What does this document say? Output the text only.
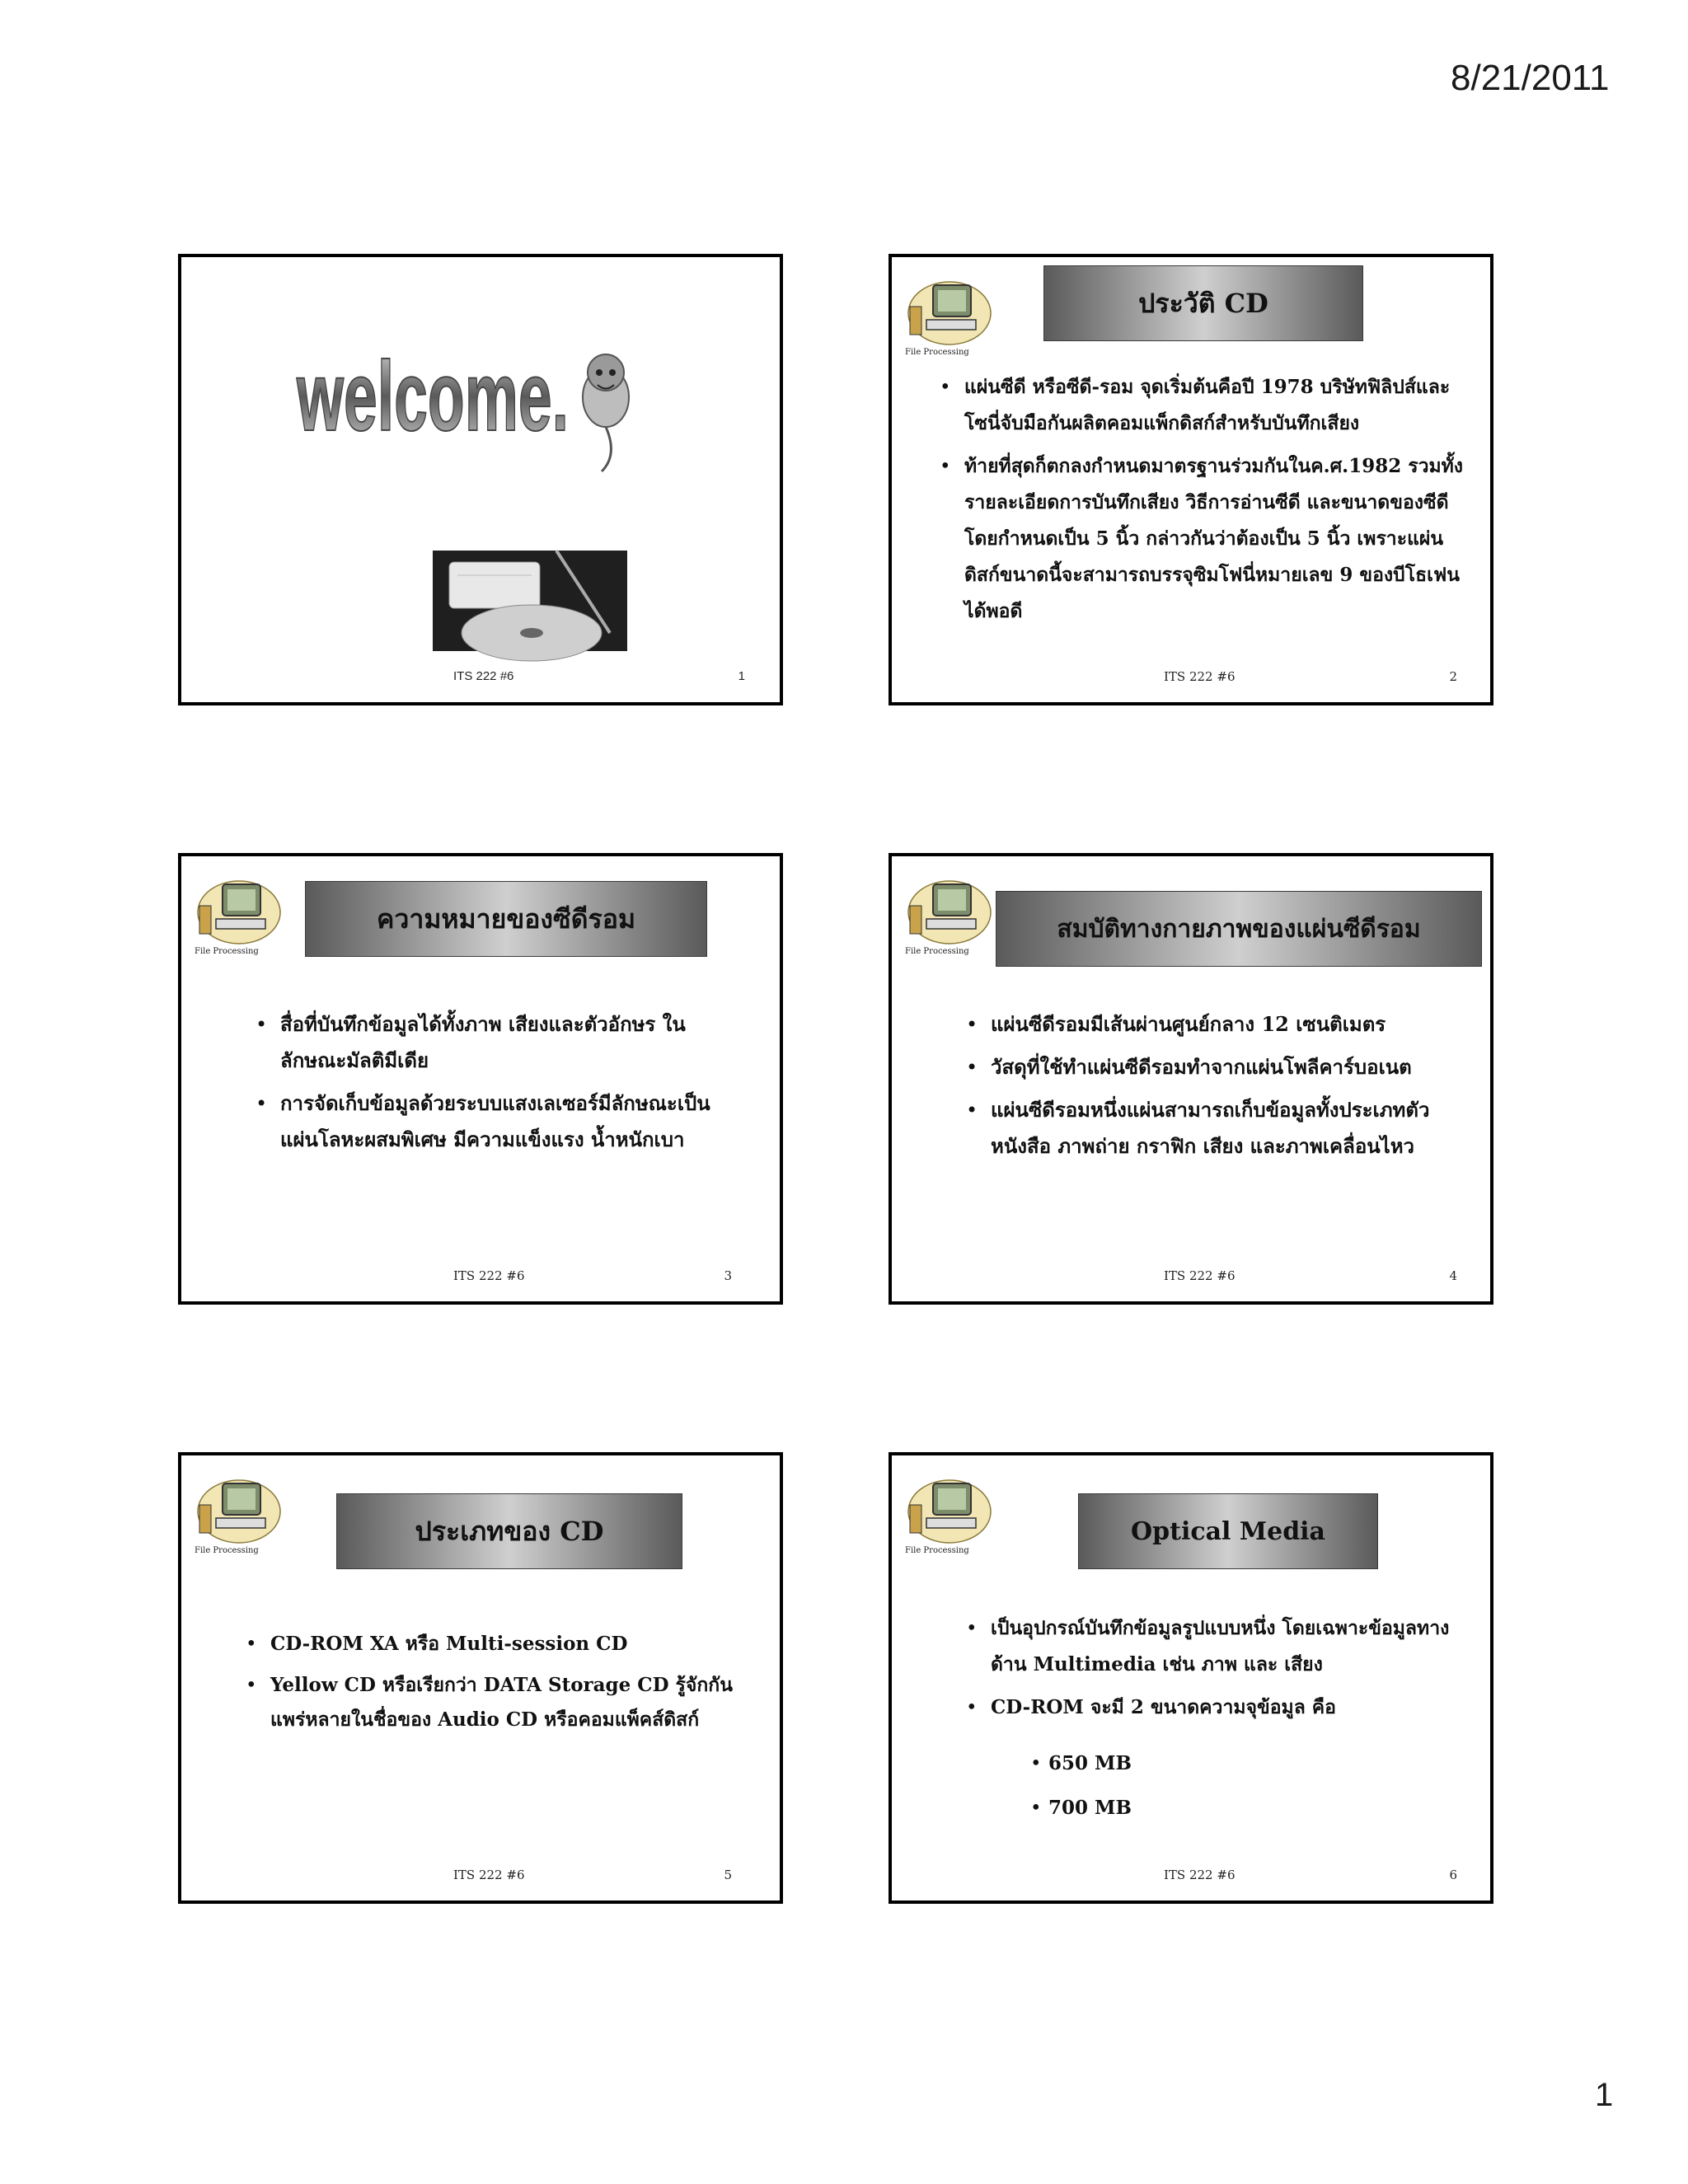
8/21/2011
welcome.
ITS 222 #6	1
File Processing
ประวัติ CD
• แผ่นซีดี หรือซีดี-รอม จุดเริ่มต้นคือปี 1978 บริษัทฟิลิปส์และโซนี่จับมือกันผลิตคอมแพ็กดิสก์สำหรับบันทึกเสียง
• ท้ายที่สุดก็ตกลงกำหนดมาตรฐานร่วมกันในค.ศ.1982 รวมทั้งรายละเอียดการบันทึกเสียง วิธีการอ่านซีดี และขนาดของซีดี โดยกำหนดเป็น 5 นิ้ว กล่าวกันว่าต้องเป็น 5 นิ้ว เพราะแผ่นดิสก์ขนาดนี้จะสามารถบรรจุซิมโฟนี่หมายเลข 9 ของบีโธเฟนได้พอดี
ITS 222 #6	2
File Processing
ความหมายของซีดีรอม
• สื่อที่บันทึกข้อมูลได้ทั้งภาพ เสียงและตัวอักษร ในลักษณะมัลติมีเดีย
• การจัดเก็บข้อมูลด้วยระบบแสงเลเซอร์มีลักษณะเป็นแผ่นโลหะผสมพิเศษ มีความแข็งแรง น้ำหนักเบา
ITS 222 #6	3
File Processing
สมบัติทางกายภาพของแผ่นซีดีรอม
• แผ่นซีดีรอมมีเส้นผ่านศูนย์กลาง 12 เซนติเมตร
• วัสดุที่ใช้ทำแผ่นซีดีรอมทำจากแผ่นโพลีคาร์บอเนต
• แผ่นซีดีรอมหนึ่งแผ่นสามารถเก็บข้อมูลทั้งประเภทตัวหนังสือ ภาพถ่าย กราฟิก เสียง และภาพเคลื่อนไหว
ITS 222 #6	4
File Processing
ประเภทของ CD
• CD-ROM XA หรือ Multi-session CD
• Yellow CD หรือเรียกว่า DATA Storage CD รู้จักกันแพร่หลายในชื่อของ Audio CD หรือคอมแพ็คส์ดิสก์
ITS 222 #6	5
File Processing
Optical Media
• เป็นอุปกรณ์บันทึกข้อมูลรูปแบบหนึ่ง โดยเฉพาะข้อมูลทางด้าน Multimedia เช่น ภาพ และ เสียง
• CD-ROM จะมี 2 ขนาดความจุข้อมูล คือ
• 650 MB
• 700 MB
ITS 222 #6	6
1
